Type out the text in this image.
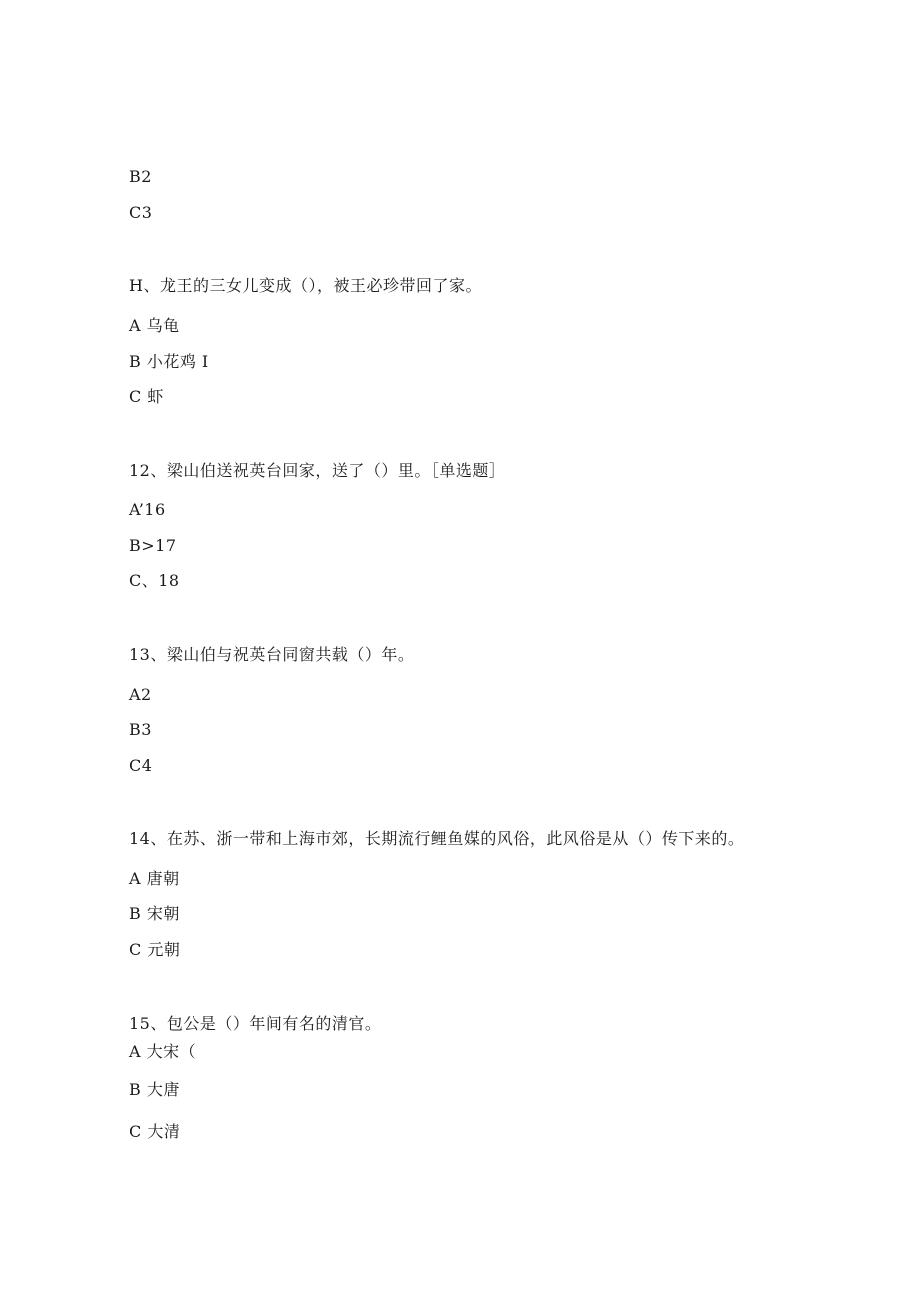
B2
C3
H、龙王的三女儿变成（），被王必珍带回了家。
A 乌龟
B 小花鸡 I
C 虾
12、梁山伯送祝英台回家，送了（）里。［单选题］
A’16
B>17
C、18
13、梁山伯与祝英台同窗共载（）年。
A2
B3
C4
14、在苏、浙一带和上海市郊，长期流行鲤鱼媒的风俗，此风俗是从（）传下来的。
A 唐朝
B 宋朝
C 元朝
15、包公是（）年间有名的清官。
A 大宋（
B 大唐
C 大清
